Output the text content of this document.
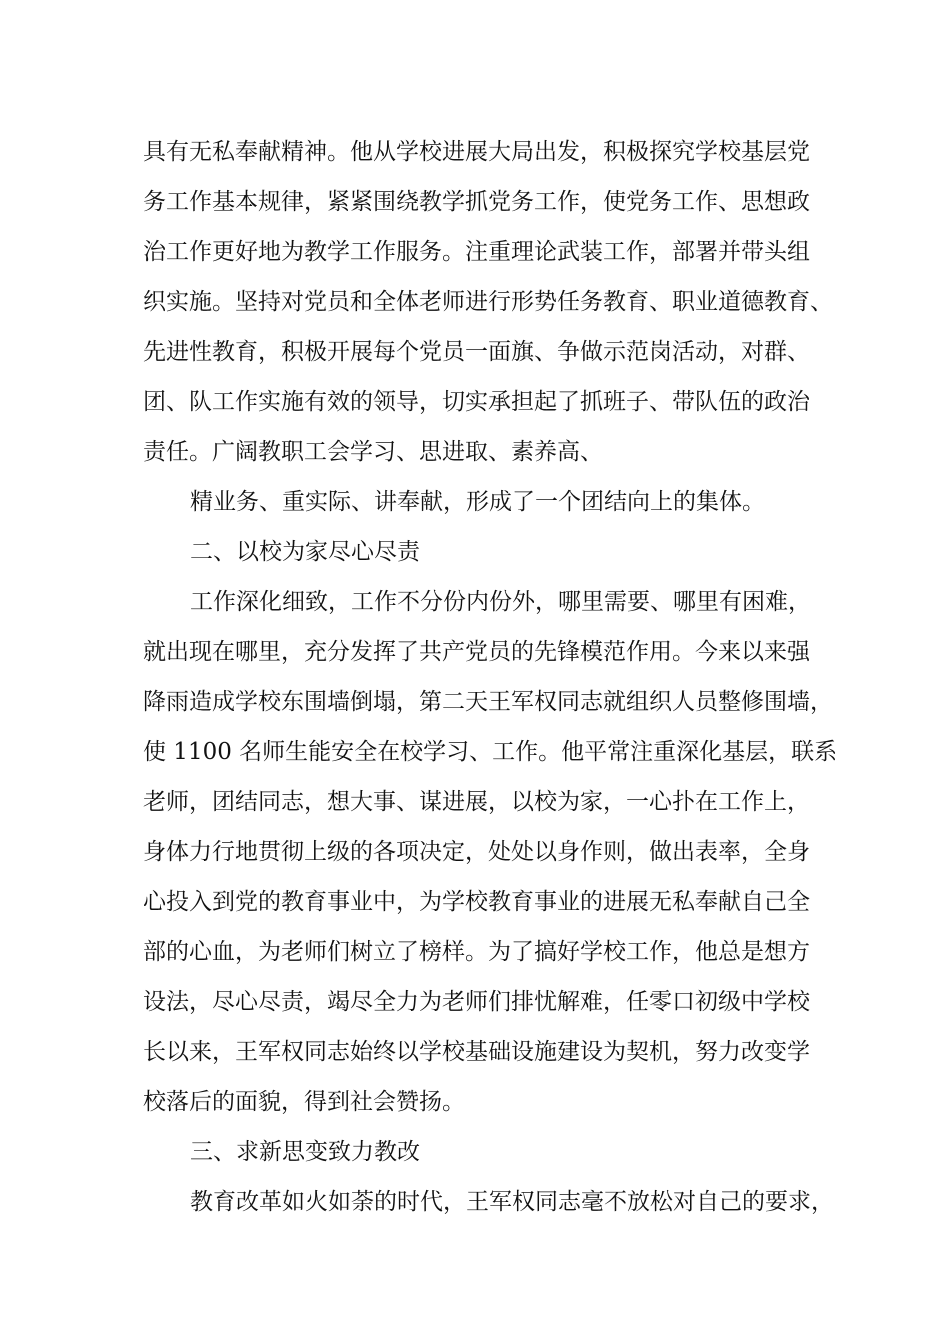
具有无私奉献精神。他从学校进展大局出发，积极探究学校基层党
务工作基本规律，紧紧围绕教学抓党务工作，使党务工作、思想政
治工作更好地为教学工作服务。注重理论武装工作，部署并带头组
织实施。坚持对党员和全体老师进行形势任务教育、职业道德教育、
先进性教育，积极开展每个党员一面旗、争做示范岗活动，对群、
团、队工作实施有效的领导，切实承担起了抓班子、带队伍的政治
责任。广阔教职工会学习、思进取、素养高、
精业务、重实际、讲奉献，形成了一个团结向上的集体。
二、以校为家尽心尽责
工作深化细致，工作不分份内份外，哪里需要、哪里有困难，
就出现在哪里，充分发挥了共产党员的先锋模范作用。今来以来强
降雨造成学校东围墙倒塌，第二天王军权同志就组织人员整修围墙，
使 1100 名师生能安全在校学习、工作。他平常注重深化基层，联系
老师，团结同志，想大事、谋进展，以校为家，一心扑在工作上，
身体力行地贯彻上级的各项决定，处处以身作则，做出表率，全身
心投入到党的教育事业中，为学校教育事业的进展无私奉献自己全
部的心血，为老师们树立了榜样。为了搞好学校工作，他总是想方
设法，尽心尽责，竭尽全力为老师们排忧解难，任零口初级中学校
长以来，王军权同志始终以学校基础设施建设为契机，努力改变学
校落后的面貌，得到社会赞扬。
三、求新思变致力教改
教育改革如火如荼的时代，王军权同志毫不放松对自己的要求，
